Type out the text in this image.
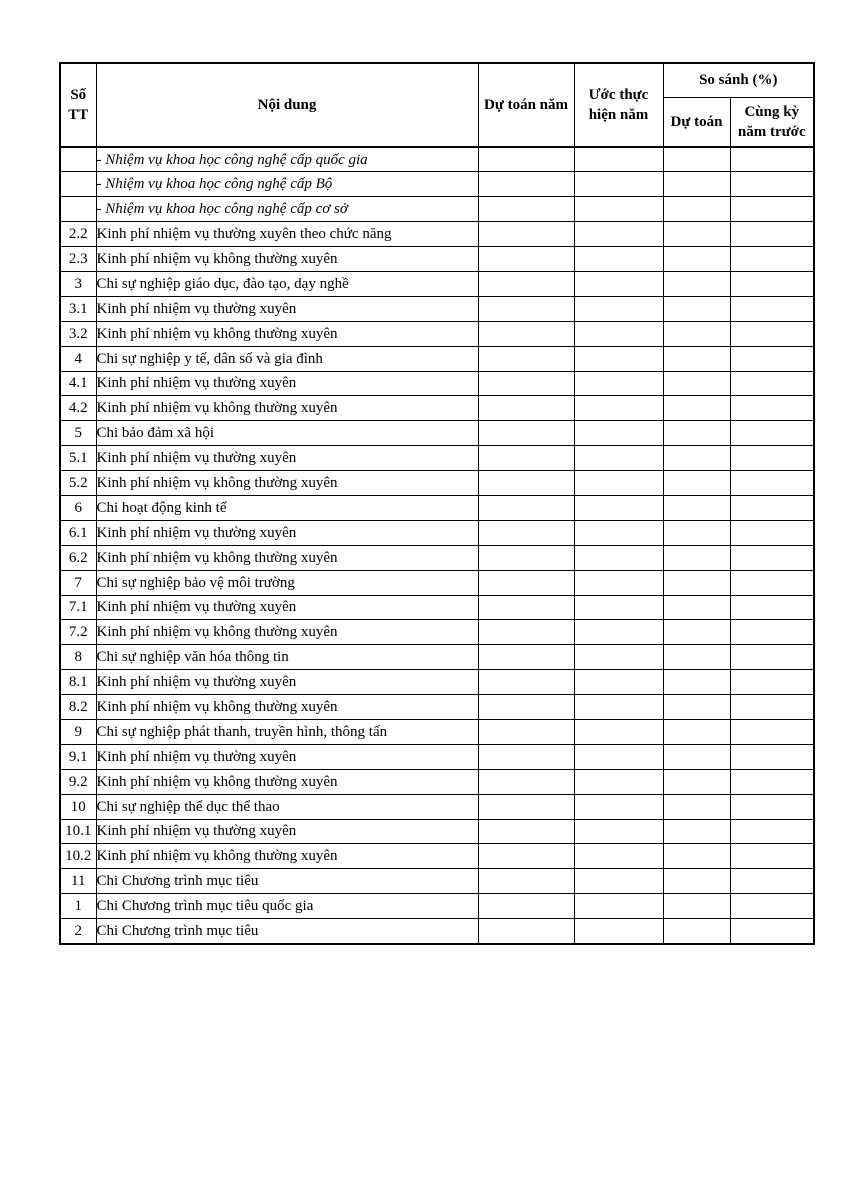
Số TT	Nội dung	Dự toán năm	Ước thực hiện năm	So sánh (%)	
				Dự toán	Cùng kỳ năm trước
	- Nhiệm vụ khoa học công nghệ cấp quốc gia				
	- Nhiệm vụ khoa học công nghệ cấp Bộ				
	- Nhiệm vụ khoa học công nghệ cấp cơ sở				
2.2	Kinh phí nhiệm vụ thường xuyên theo chức năng				
2.3	Kinh phí nhiệm vụ không thường xuyên				
3	Chi sự nghiệp giáo dục, đào tạo, dạy nghề				
3.1	Kinh phí nhiệm vụ thường xuyên				
3.2	Kinh phí nhiệm vụ không thường xuyên				
4	Chi sự nghiệp y tế, dân số và gia đình				
4.1	Kinh phí nhiệm vụ thường xuyên				
4.2	Kinh phí nhiệm vụ không thường xuyên				
5	Chi bảo đảm xã hội				
5.1	Kinh phí nhiệm vụ thường xuyên				
5.2	Kinh phí nhiệm vụ không thường xuyên				
6	Chi hoạt động kinh tế				
6.1	Kinh phí nhiệm vụ thường xuyên				
6.2	Kinh phí nhiệm vụ không thường xuyên				
7	Chi sự nghiệp bảo vệ môi trường				
7.1	Kinh phí nhiệm vụ thường xuyên				
7.2	Kinh phí nhiệm vụ không thường xuyên				
8	Chi sự nghiệp văn hóa thông tin				
8.1	Kinh phí nhiệm vụ thường xuyên				
8.2	Kinh phí nhiệm vụ không thường xuyên				
9	Chi sự nghiệp phát thanh, truyền hình, thông tấn				
9.1	Kinh phí nhiệm vụ thường xuyên				
9.2	Kinh phí nhiệm vụ không thường xuyên				
10	Chi sự nghiệp thể dục thể thao				
10.1	Kinh phí nhiệm vụ thường xuyên				
10.2	Kinh phí nhiệm vụ không thường xuyên				
11	Chi Chương trình mục tiêu				
1	Chi Chương trình mục tiêu quốc gia				
2	Chi Chương trình mục tiêu				
